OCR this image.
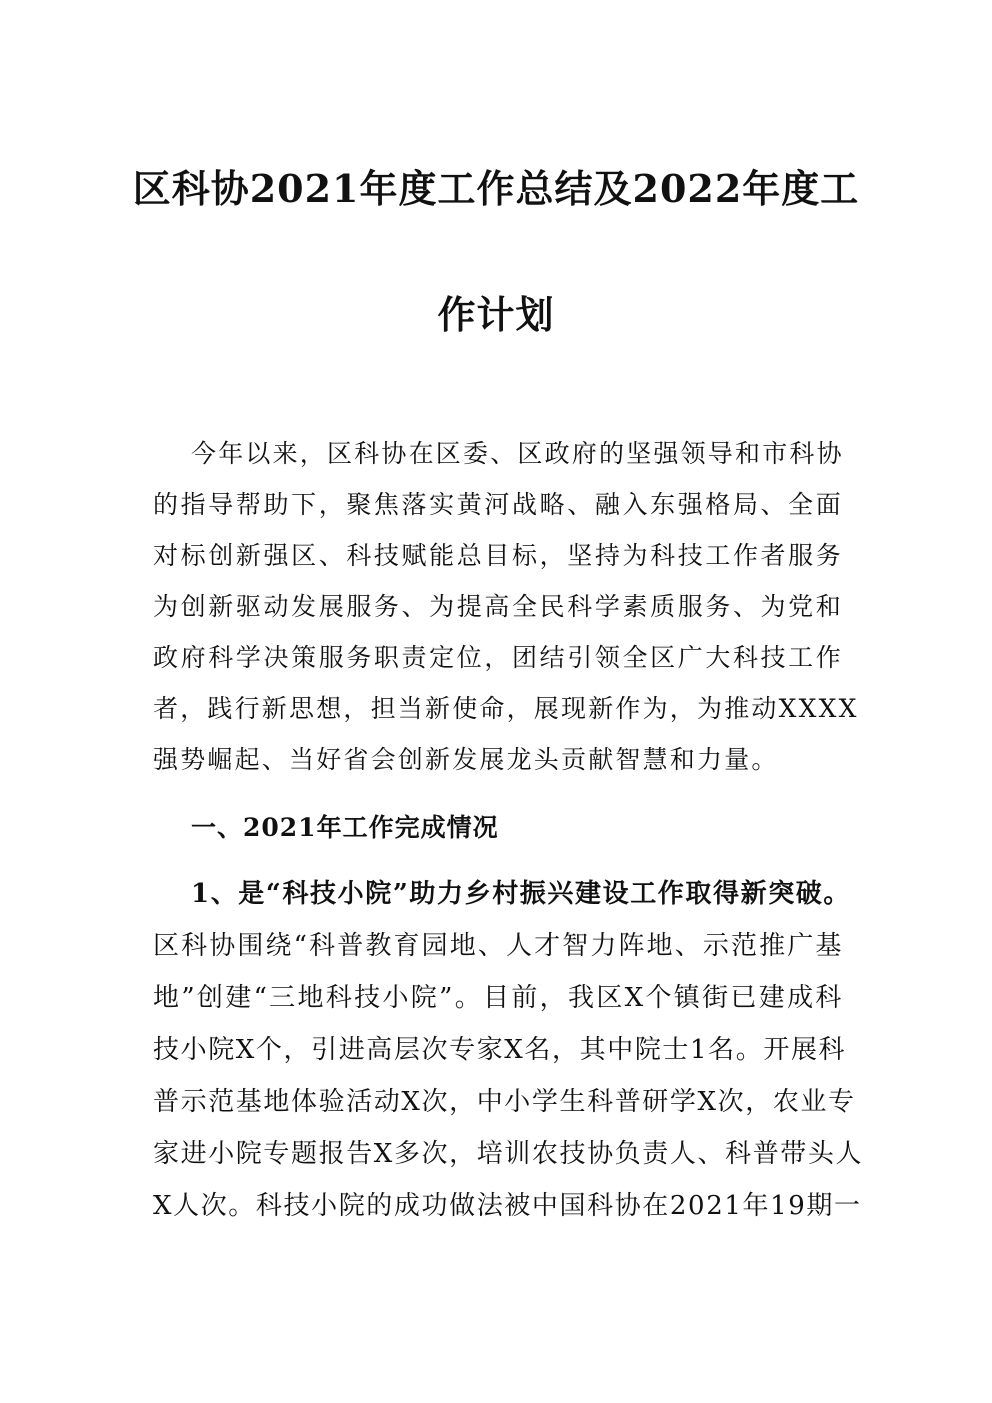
区科协2021年度工作总结及2022年度工
作计划
今年以来，区科协在区委、区政府的坚强领导和市科协
的指导帮助下，聚焦落实黄河战略、融入东强格局、全面
对标创新强区、科技赋能总目标，坚持为科技工作者服务
为创新驱动发展服务、为提高全民科学素质服务、为党和
政府科学决策服务职责定位，团结引领全区广大科技工作
者，践行新思想，担当新使命，展现新作为，为推动XXXX
强势崛起、当好省会创新发展龙头贡献智慧和力量。
一、2021年工作完成情况
1、是“科技小院”助力乡村振兴建设工作取得新突破。
区科协围绕“科普教育园地、人才智力阵地、示范推广基
地”创建“三地科技小院”。目前，我区X个镇街已建成科
技小院X个，引进高层次专家X名，其中院士1名。开展科
普示范基地体验活动X次，中小学生科普研学X次，农业专
家进小院专题报告X多次，培训农技协负责人、科普带头人
X人次。科技小院的成功做法被中国科协在2021年19期一
